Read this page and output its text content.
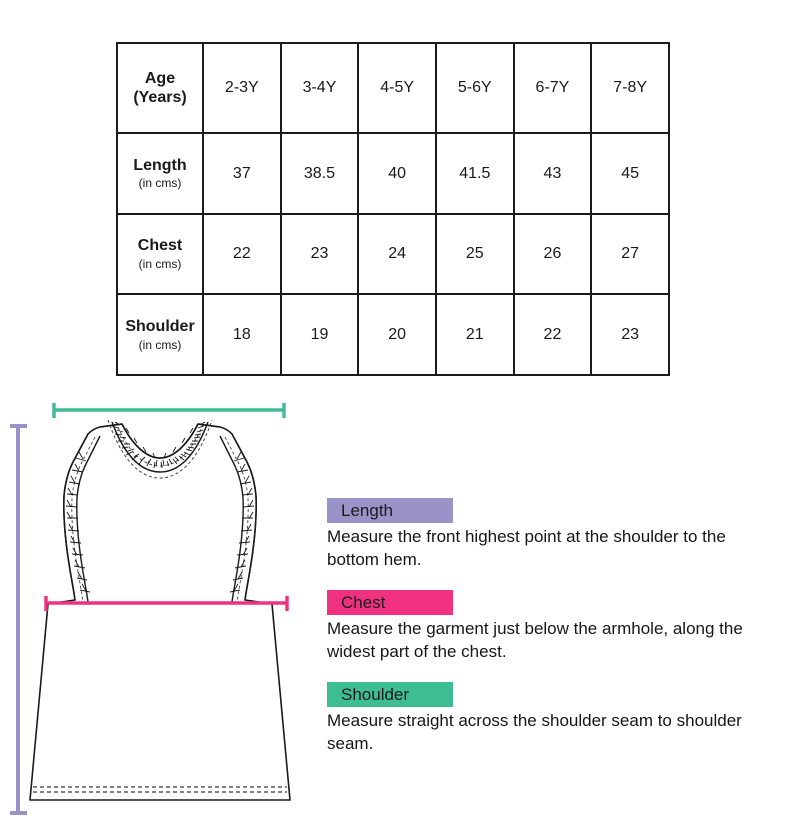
Age
(Years)	2-3Y	3-4Y	4-5Y	5-6Y	6-7Y	7-8Y
Length
(in cms)	37	38.5	40	41.5	43	45
Chest
(in cms)	22	23	24	25	26	27
Shoulder
(in cms)	18	19	20	21	22	23
Length

Measure the front highest point at the shoulder to the bottom hem.

Chest

Measure the garment just below the armhole, along the widest part of the chest.

Shoulder

Measure straight across the shoulder seam to shoulder seam.
